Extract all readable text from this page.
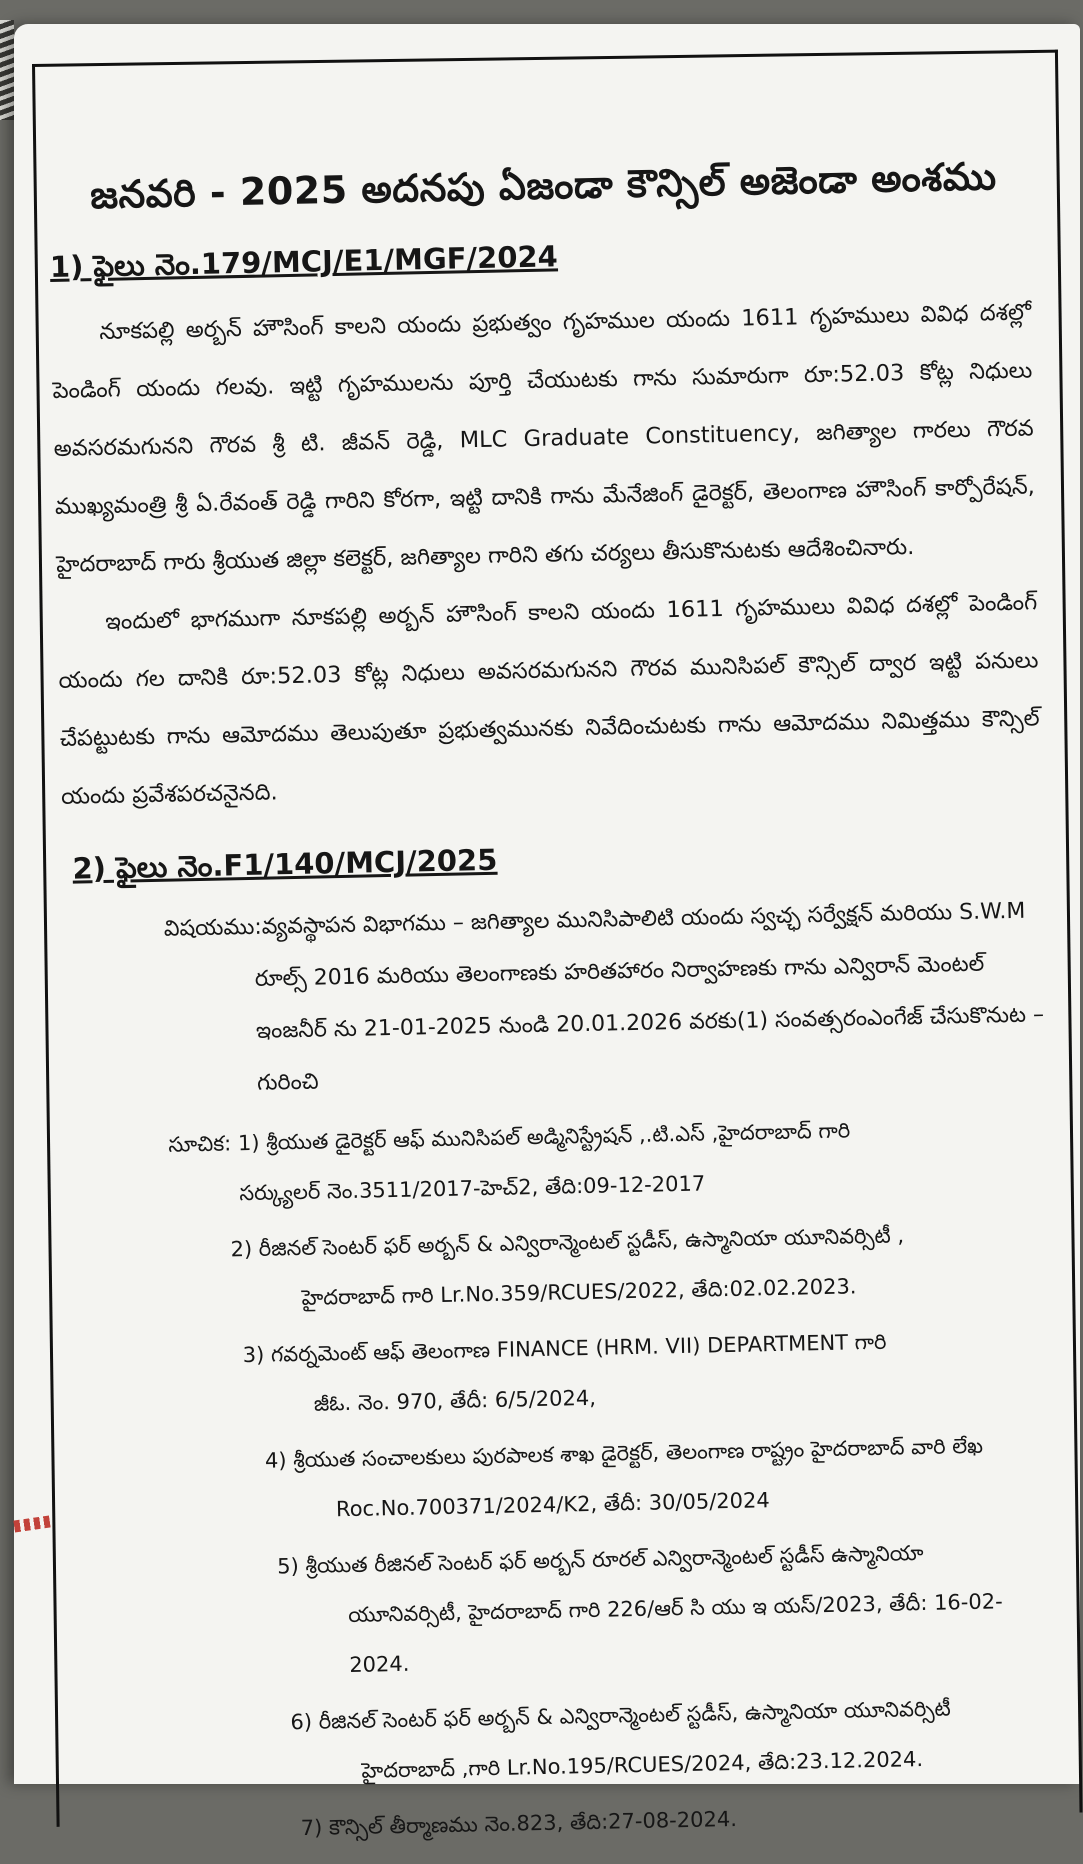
జనవరి - 2025 అదనపు ఏజండా కౌన్సిల్ అజెండా అంశము
1) ఫైలు నెం.179/MCJ/E1/MGF/2024

నూకపల్లి అర్బన్ హౌసింగ్ కాలని యందు ప్రభుత్వం గృహముల యందు 1611 గృహములు వివిధ దశల్లో పెండింగ్ యందు గలవు. ఇట్టి గృహములను పూర్తి చేయుటకు గాను సుమారుగా రూ:52.03 కోట్ల నిధులు అవసరమగునని గౌరవ శ్రీ టి. జీవన్ రెడ్డి, MLC Graduate Constituency, జగిత్యాల గారలు గౌరవ ముఖ్యమంత్రి శ్రీ ఏ.రేవంత్ రెడ్డి గారిని కోరగా, ఇట్టి దానికి గాను మేనేజింగ్ డైరెక్టర్, తెలంగాణ హౌసింగ్ కార్పోరేషన్, హైదరాబాద్ గారు శ్రీయుత జిల్లా కలెక్టర్, జగిత్యాల గారిని తగు చర్యలు తీసుకొనుటకు ఆదేశించినారు.

ఇందులో భాగముగా నూకపల్లి అర్బన్ హౌసింగ్ కాలని యందు 1611 గృహములు వివిధ దశల్లో పెండింగ్ యందు గల దానికి రూ:52.03 కోట్ల నిధులు అవసరమగునని గౌరవ మునిసిపల్ కౌన్సిల్ ద్వార ఇట్టి పనులు చేపట్టుటకు గాను ఆమోదము తెలుపుతూ ప్రభుత్వమునకు నివేదించుటకు గాను ఆమోదము నిమిత్తము కౌన్సిల్ యందు ప్రవేశపరచనైనది.

2) ఫైలు నెం.F1/140/MCJ/2025
విషయము:వ్యవస్థాపన విభాగము – జగిత్యాల మునిసిపాలిటి యందు స్వచ్ఛ సర్వేక్షన్ మరియు S.W.M
రూల్స్ 2016 మరియు తెలంగాణకు హరితహారం నిర్వాహణకు గాను ఎన్విరాన్ మెంటల్ ఇంజనీర్ ను 21-01-2025 నుండి 20.01.2026 వరకు(1) సంవత్సరంఎంగేజ్ చేసుకొనుట – గురించి
సూచిక: 1) శ్రీయుత డైరెక్టర్ ఆఫ్ మునిసిపల్ అడ్మినిస్ట్రేషన్ ,.టి.ఎస్ ,హైదరాబాద్ గారి
సర్క్యులర్ నెం.3511/2017-హెచ్2, తేది:09-12-2017
2) రీజినల్ సెంటర్ ఫర్ అర్బన్ & ఎన్విరాన్మెంటల్ స్టడీస్, ఉస్మానియా యూనివర్సిటీ ,
హైదరాబాద్ గారి Lr.No.359/RCUES/2022, తేది:02.02.2023.
3) గవర్నమెంట్ ఆఫ్ తెలంగాణ FINANCE (HRM. VII) DEPARTMENT గారి
జీఓ. నెం. 970, తేదీ: 6/5/2024,
4) శ్రీయుత సంచాలకులు పురపాలక శాఖ డైరెక్టర్, తెలంగాణ రాష్ట్రం హైదరాబాద్ వారి లేఖ
Roc.No.700371/2024/K2, తేదీ: 30/05/2024
5) శ్రీయుత రీజినల్ సెంటర్ ఫర్ అర్బన్ రూరల్ ఎన్విరాన్మెంటల్ స్టడీస్ ఉస్మానియా
యూనివర్సిటీ, హైదరాబాద్ గారి 226/ఆర్ సి యు ఇ యస్/2023, తేదీ: 16-02-2024.
6) రీజినల్ సెంటర్ ఫర్ అర్బన్ & ఎన్విరాన్మెంటల్ స్టడీస్, ఉస్మానియా యూనివర్సిటీ
హైదరాబాద్ ,గారి Lr.No.195/RCUES/2024, తేది:23.12.2024.
7) కౌన్సిల్ తీర్మాణము నెం.823, తేది:27-08-2024.
